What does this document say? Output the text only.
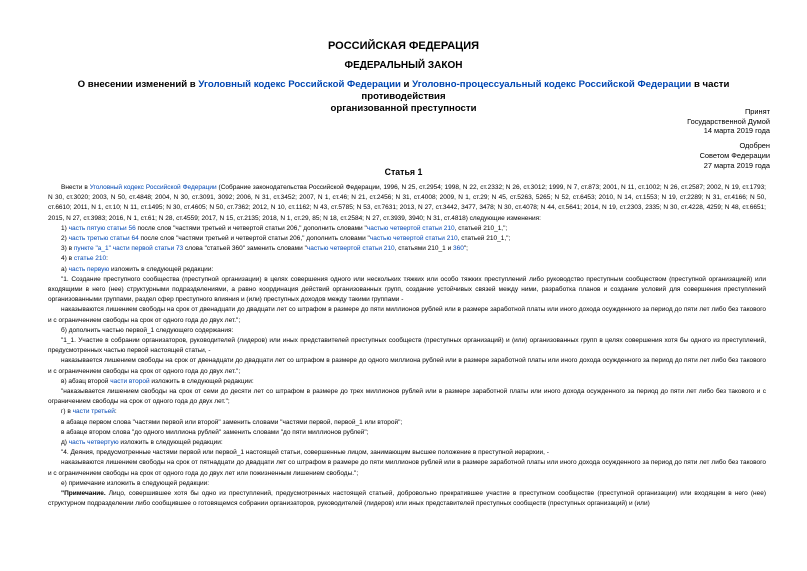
РОССИЙСКАЯ ФЕДЕРАЦИЯ
ФЕДЕРАЛЬНЫЙ ЗАКОН
О внесении изменений в Уголовный кодекс Российской Федерации и Уголовно-процессуальный кодекс Российской Федерации в части противодействия
организованной преступности	Принят
Государственной Думой
14 марта 2019 года
Одобрен
Советом Федерации
27 марта 2019 года
Статья 1

Внести в Уголовный кодекс Российской Федерации (Собрание законодательства Российской Федерации, 1996, N 25, ст.2954; 1998, N 22, ст.2332; N 26, ст.3012; 1999, N 7, ст.873; 2001, N 11, ст.1002; N 26, ст.2587; 2002, N 19, ст.1793; N 30, ст.3020; 2003, N 50, ст.4848; 2004, N 30, ст.3091, 3092; 2006, N 31, ст.3452; 2007, N 1, ст.46; N 21, ст.2456; N 31, ст.4008; 2009, N 1, ст.29; N 45, ст.5263, 5265; N 52, ст.6453; 2010, N 14, ст.1553; N 19, ст.2289; N 31, ст.4166; N 50, ст.6610; 2011, N 1, ст.10; N 11, ст.1495; N 30, ст.4605; N 50, ст.7362; 2012, N 10, ст.1162; N 43, ст.5785; N 53, ст.7631; 2013, N 27, ст.3442, 3477, 3478; N 30, ст.4078; N 44, ст.5641; 2014, N 19, ст.2303, 2335; N 30, ст.4228, 4259; N 48, ст.6651; 2015, N 27, ст.3983; 2016, N 1, ст.61; N 28, ст.4559; 2017, N 15, ст.2135; 2018, N 1, ст.29, 85; N 18, ст.2584; N 27, ст.3939, 3940; N 31, ст.4818) следующие изменения:

1) часть пятую статьи 56 после слов "частями третьей и четвертой статьи 206," дополнить словами "частью четвертой статьи 210, статьей 210_1,";

2) часть третью статьи 64 после слов "частями третьей и четвертой статьи 206," дополнить словами "частью четвертой статьи 210, статьей 210_1,";

3) в пункте "а_1" части первой статьи 73 слова "статьей 360" заменить словами "частью четвертой статьи 210, статьями 210_1 и 360";

4) в статье 210:

а) часть первую изложить в следующей редакции:

"1. Создание преступного сообщества (преступной организации) в целях совершения одного или нескольких тяжких или особо тяжких преступлений либо руководство преступным сообществом (преступной организацией) или входящими в него (нее) структурными подразделениями, а равно координация действий организованных групп, создание устойчивых связей между ними, разработка планов и создание условий для совершения преступлений организованными группами, раздел сфер преступного влияния и (или) преступных доходов между такими группами -

наказываются лишением свободы на срок от двенадцати до двадцати лет со штрафом в размере до пяти миллионов рублей или в размере заработной платы или иного дохода осужденного за период до пяти лет либо без такового и с ограничением свободы на срок от одного года до двух лет.";

б) дополнить частью первой_1 следующего содержания:

"1_1. Участие в собрании организаторов, руководителей (лидеров) или иных представителей преступных сообществ (преступных организаций) и (или) организованных групп в целях совершения хотя бы одного из преступлений, предусмотренных частью первой настоящей статьи, -

наказывается лишением свободы на срок от двенадцати до двадцати лет со штрафом в размере до одного миллиона рублей или в размере заработной платы или иного дохода осужденного за период до пяти лет либо без такового и с ограничением свободы на срок от одного года до двух лет.";

в) абзац второй части второй изложить в следующей редакции:

"наказывается лишением свободы на срок от семи до десяти лет со штрафом в размере до трех миллионов рублей или в размере заработной платы или иного дохода осужденного за период до пяти лет либо без такового и с ограничением свободы на срок от одного года до двух лет.";

г) в части третьей:

в абзаце первом слова "частями первой или второй" заменить словами "частями первой, первой_1 или второй";

в абзаце втором слова "до одного миллиона рублей" заменить словами "до пяти миллионов рублей";

д) часть четвертую изложить в следующей редакции:

"4. Деяния, предусмотренные частями первой или первой_1 настоящей статьи, совершенные лицом, занимающим высшее положение в преступной иерархии, -

наказываются лишением свободы на срок от пятнадцати до двадцати лет со штрафом в размере до пяти миллионов рублей или в размере заработной платы или иного дохода осужденного за период до пяти лет либо без такового и с ограничением свободы на срок от одного года до двух лет или пожизненным лишением свободы.";

е) примечание изложить в следующей редакции:

"Примечание. Лицо, совершившее хотя бы одно из преступлений, предусмотренных настоящей статьей, добровольно прекратившее участие в преступном сообществе (преступной организации) или входящем в него (нее) структурном подразделении либо сообщившее о готовящемся собрании организаторов, руководителей (лидеров) или иных представителей преступных сообществ (преступных организаций) и (или)
